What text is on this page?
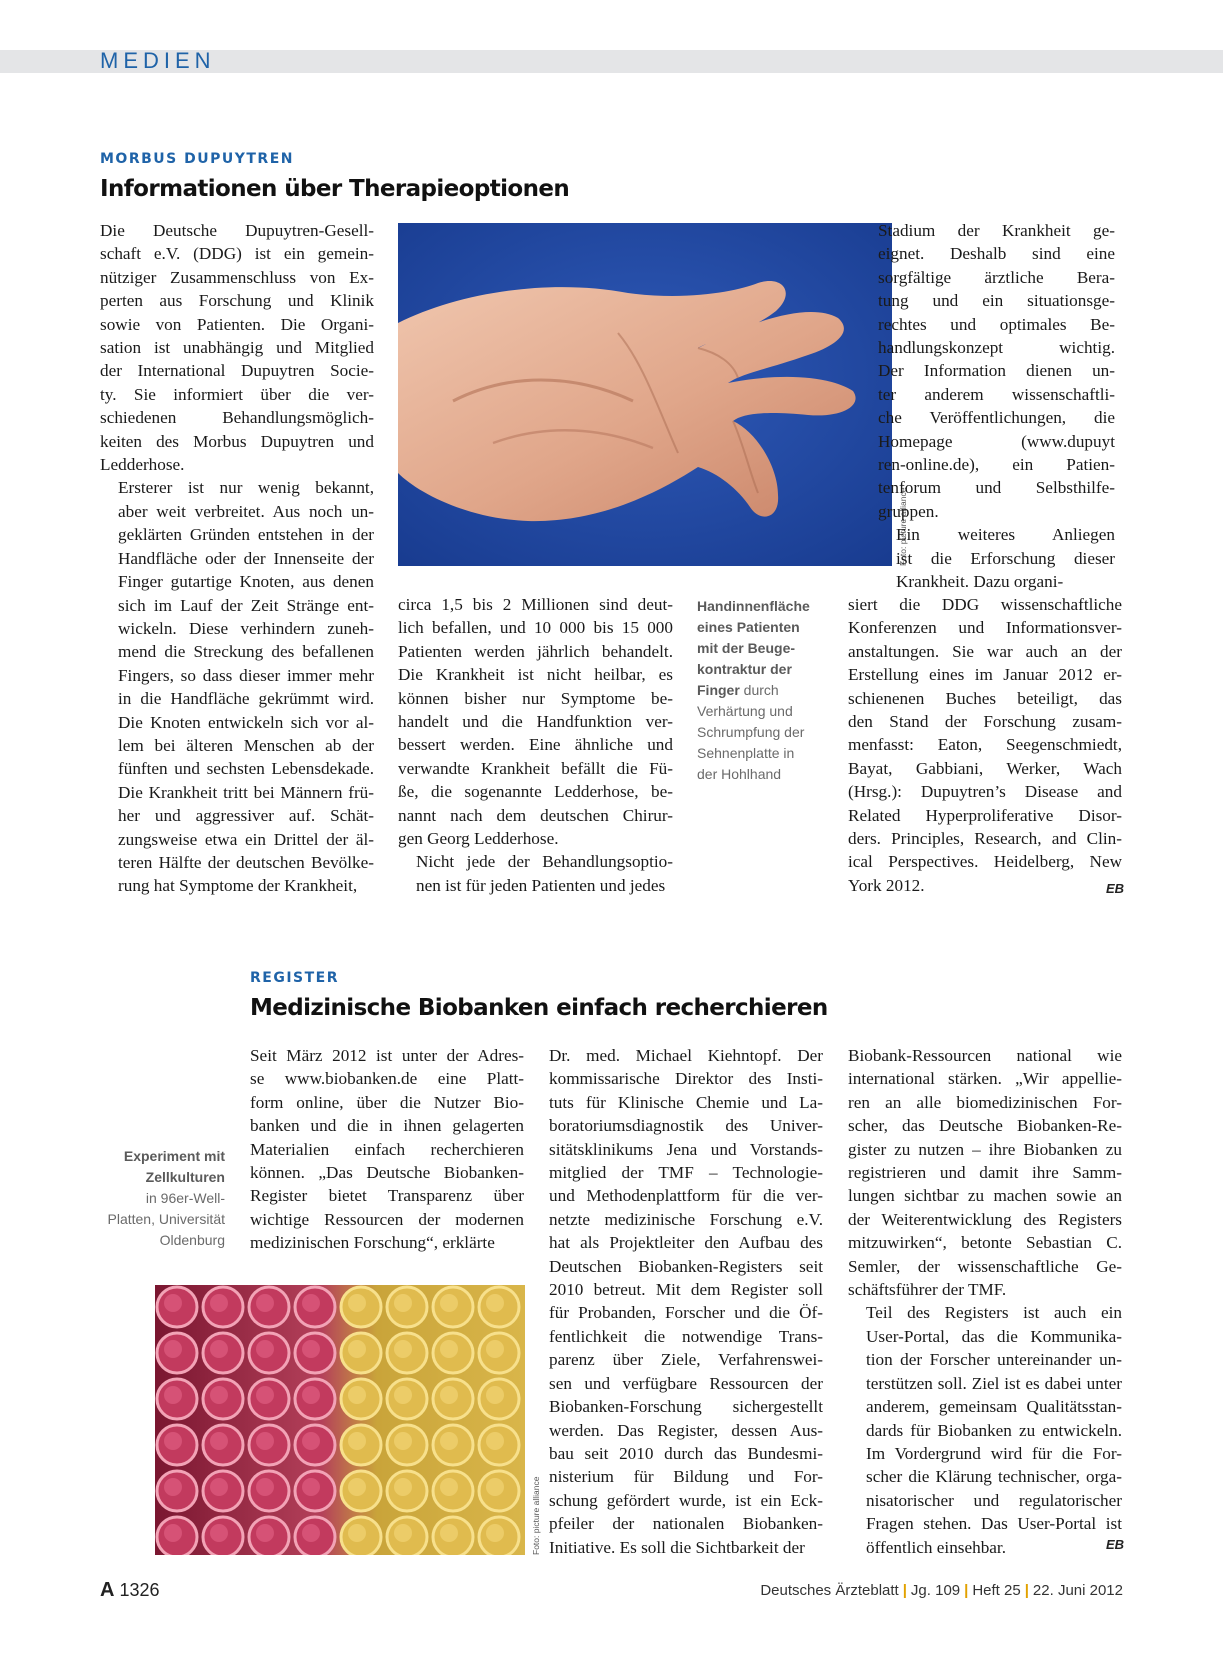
MEDIEN
MORBUS DUPUYTREN
Informationen über Therapieoptionen

Die Deutsche Dupuytren-Gesell-
schaft e.V. (DDG) ist ein gemein-
nütziger Zusammenschluss von Ex-
perten aus Forschung und Klinik
sowie von Patienten. Die Organi-
sation ist unabhängig und Mitglied
der International Dupuytren Socie-
ty. Sie informiert über die ver-
schiedenen Behandlungsmöglich-
keiten des Morbus Dupuytren und
Ledderhose.

Ersterer ist nur wenig bekannt,
aber weit verbreitet. Aus noch un-
geklärten Gründen entstehen in der
Handfläche oder der Innenseite der
Finger gutartige Knoten, aus denen
sich im Lauf der Zeit Stränge ent-
wickeln. Diese verhindern zuneh-
mend die Streckung des befallenen
Fingers, so dass dieser immer mehr
in die Handfläche gekrümmt wird.
Die Knoten entwickeln sich vor al-
lem bei älteren Menschen ab der
fünften und sechsten Lebensdekade.
Die Krankheit tritt bei Männern frü-
her und aggressiver auf. Schät-
zungsweise etwa ein Drittel der äl-
teren Hälfte der deutschen Bevölke-
rung hat Symptome der Krankheit,

Foto: picture alliance

Stadium der Krankheit ge-
eignet. Deshalb sind eine
sorgfältige ärztliche Bera-
tung und ein situationsge-
rechtes und optimales Be-
handlungskonzept wichtig.
Der Information dienen un-
ter anderem wissenschaftli-
che Veröffentlichungen, die
Homepage (www.dupuyt
ren-online.de), ein Patien-
tenforum und Selbsthilfe-
gruppen.

Ein weiteres Anliegen
ist die Erforschung dieser
Krankheit. Dazu organi-

circa 1,5 bis 2 Millionen sind deut-
lich befallen, und 10 000 bis 15 000
Patienten werden jährlich behandelt.
Die Krankheit ist nicht heilbar, es
können bisher nur Symptome be-
handelt und die Handfunktion ver-
bessert werden. Eine ähnliche und
verwandte Krankheit befällt die Fü-
ße, die sogenannte Ledderhose, be-
nannt nach dem deutschen Chirur-
gen Georg Ledderhose.

Nicht jede der Behandlungsoptio-
nen ist für jeden Patienten und jedes

Handinnenfläche
eines Patienten
mit der Beuge-
kontraktur der
Finger durch
Verhärtung und
Schrumpfung der
Sehnenplatte in
der Hohlhand

siert die DDG wissenschaftliche
Konferenzen und Informationsver-
anstaltungen. Sie war auch an der
Erstellung eines im Januar 2012 er-
schienenen Buches beteiligt, das
den Stand der Forschung zusam-
menfasst: Eaton, Seegenschmiedt,
Bayat, Gabbiani, Werker, Wach
(Hrsg.): Dupuytren’s Disease and
Related Hyperproliferative Disor-
ders. Principles, Research, and Clin-
ical Perspectives. Heidelberg, New
York 2012.	EB
REGISTER
Medizinische Biobanken einfach recherchieren
Experiment mit
Zellkulturen
in 96er-Well-
Platten, Universität
Oldenburg

Seit März 2012 ist unter der Adres-
se www.biobanken.de eine Platt-
form online, über die Nutzer Bio-
banken und die in ihnen gelagerten
Materialien einfach recherchieren
können. „Das Deutsche Biobanken-
Register bietet Transparenz über
wichtige Ressourcen der modernen
medizinischen Forschung“, erklärte

Foto: picture alliance

Dr. med. Michael Kiehntopf. Der
kommissarische Direktor des Insti-
tuts für Klinische Chemie und La-
boratoriumsdiagnostik des Univer-
sitätsklinikums Jena und Vorstands-
mitglied der TMF – Technologie-
und Methodenplattform für die ver-
netzte medizinische Forschung e.V.
hat als Projektleiter den Aufbau des
Deutschen Biobanken-Registers seit
2010 betreut. Mit dem Register soll
für Probanden, Forscher und die Öf-
fentlichkeit die notwendige Trans-
parenz über Ziele, Verfahrenswei-
sen und verfügbare Ressourcen der
Biobanken-Forschung sichergestellt
werden. Das Register, dessen Aus-
bau seit 2010 durch das Bundesmi-
nisterium für Bildung und For-
schung gefördert wurde, ist ein Eck-
pfeiler der nationalen Biobanken-
Initiative. Es soll die Sichtbarkeit der

Biobank-Ressourcen national wie
international stärken. „Wir appellie-
ren an alle biomedizinischen For-
scher, das Deutsche Biobanken-Re-
gister zu nutzen – ihre Biobanken zu
registrieren und damit ihre Samm-
lungen sichtbar zu machen sowie an
der Weiterentwicklung des Registers
mitzuwirken“, betonte Sebastian C.
Semler, der wissenschaftliche Ge-
schäftsführer der TMF.

Teil des Registers ist auch ein
User-Portal, das die Kommunika-
tion der Forscher untereinander un-
terstützen soll. Ziel ist es dabei unter
anderem, gemeinsam Qualitätsstan-
dards für Biobanken zu entwickeln.
Im Vordergrund wird für die For-
scher die Klärung technischer, orga-
nisatorischer und regulatorischer
Fragen stehen. Das User-Portal ist
öffentlich einsehbar.	EB
A 1326	Deutsches Ärzteblatt | Jg. 109 | Heft 25 | 22. Juni 2012
